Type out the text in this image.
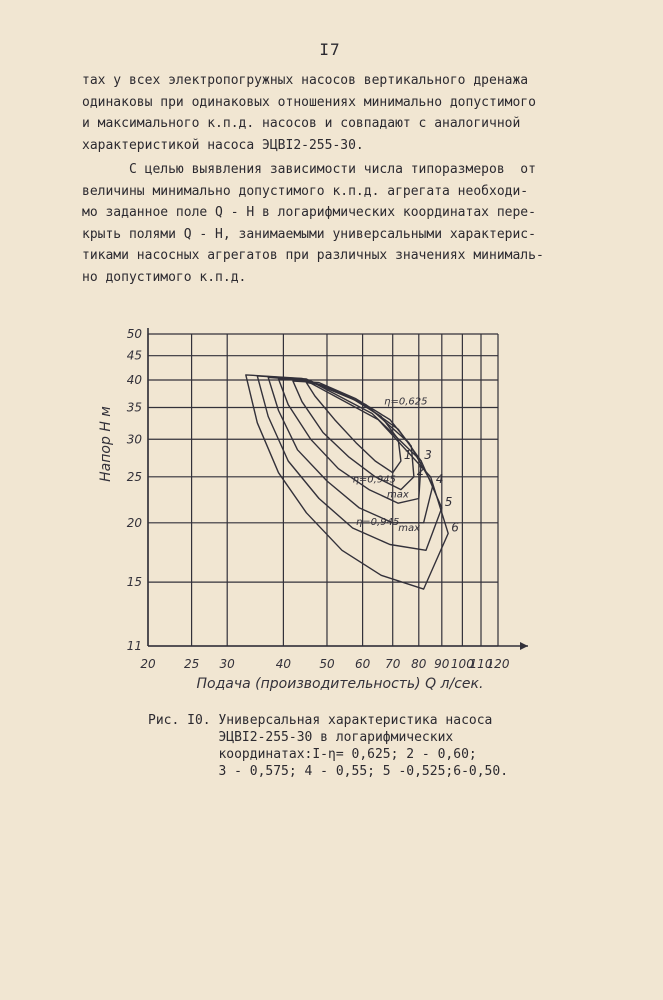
I7
тах у всех электропогружных насосов вертикального дренажа
одинаковы при одинаковых отношениях минимально допустимого
и максимального к.п.д. насосов и совпадают с аналогичной
характеристикой насоса ЭЦВI2-255-30.
С целью выявления зависимости числа типоразмеров  от
величины минимально допустимого к.п.д. агрегата необходи-
мо заданное поле Q - Н в логарифмических координатах пере-
крыть полями Q - Н, занимаемыми универсальными характерис-
тиками насосных агрегатов при различных значениях минималь-
но допустимого к.п.д.
20 25 30	40 50 60 70 80 90 100
110
120
11
15
20
25
30
35
40
45
50
Подача (производительность) Q л/сек.
Напор Н м	1
2
3
4
5
6
η=0,625
η=0,945
max
η=0,945
max
Рис. I0. Универсальная характеристика насоса
ЭЦВI2-255-30 в логарифмических
координатах:I-η= 0,625; 2 - 0,60;
3 - 0,575; 4 - 0,55; 5 -0,525;6-0,50.
